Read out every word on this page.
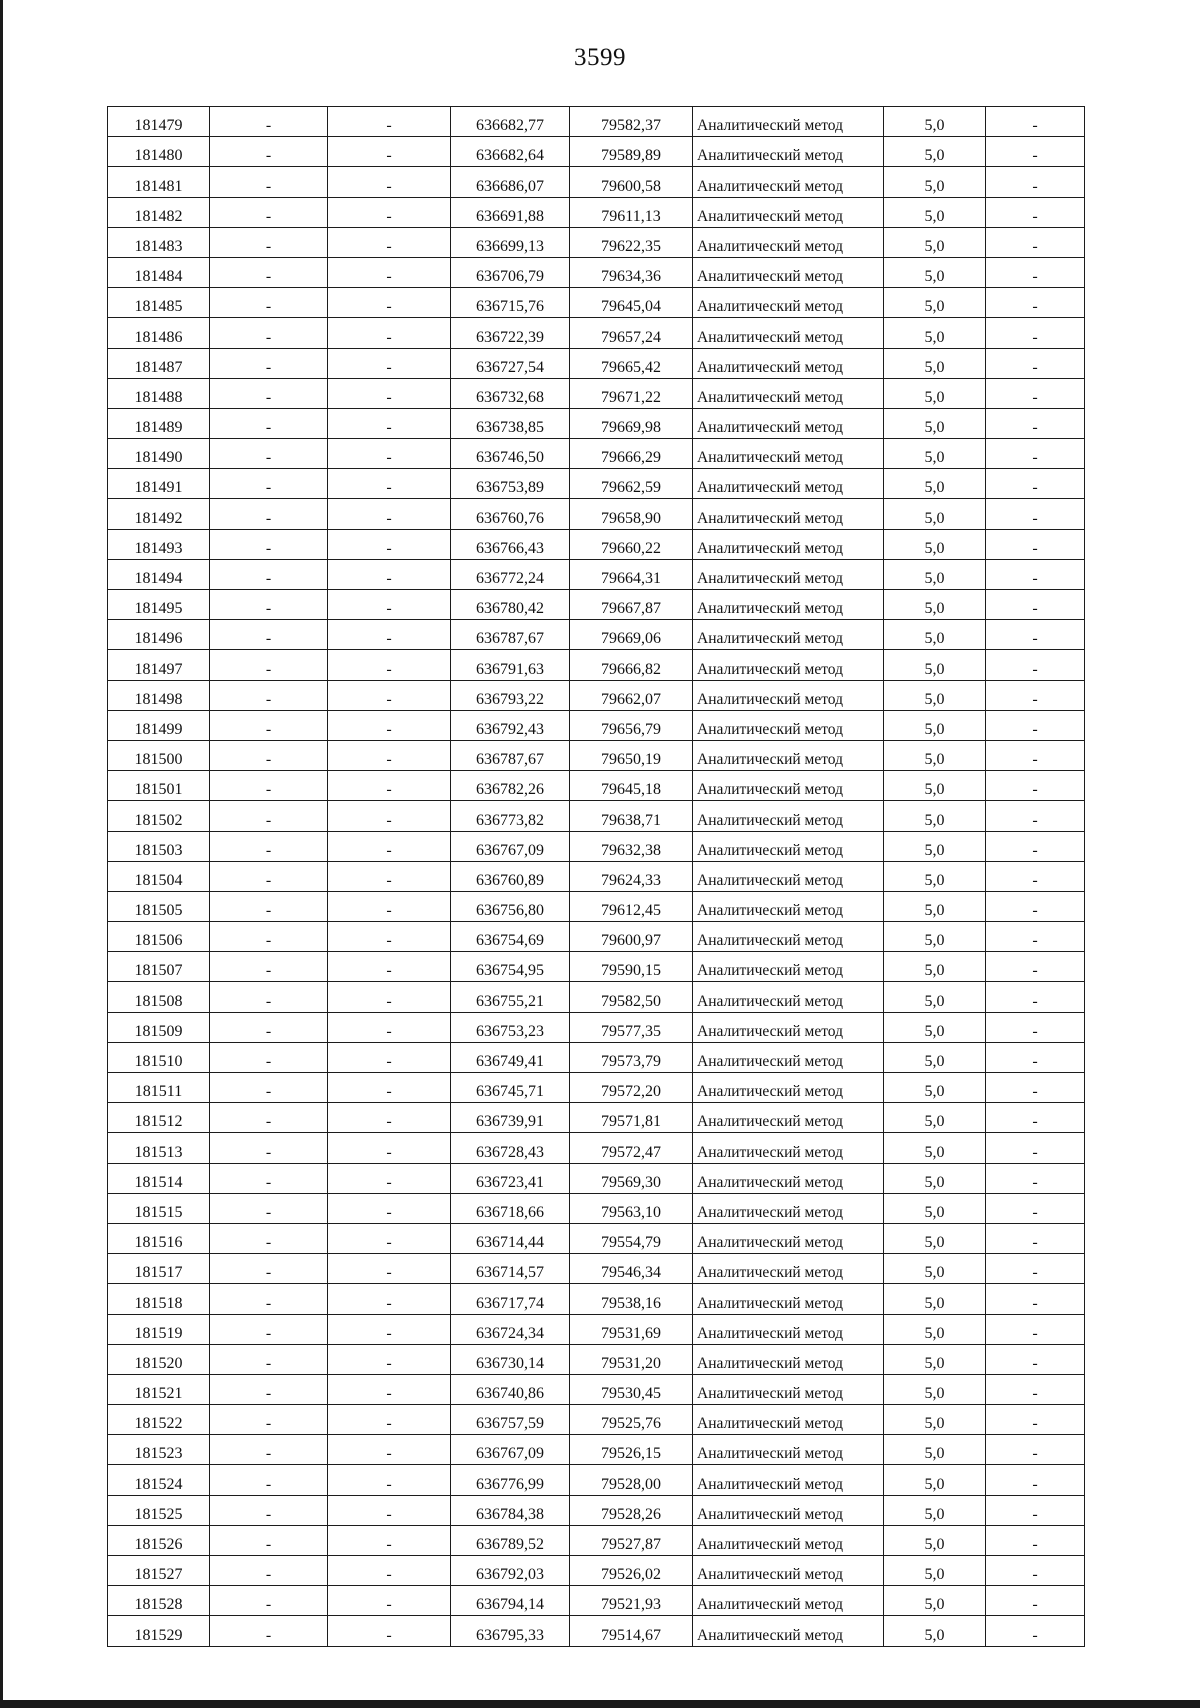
3599
181479	-	-	636682,77	79582,37	Аналитический метод	5,0	-
181480	-	-	636682,64	79589,89	Аналитический метод	5,0	-
181481	-	-	636686,07	79600,58	Аналитический метод	5,0	-
181482	-	-	636691,88	79611,13	Аналитический метод	5,0	-
181483	-	-	636699,13	79622,35	Аналитический метод	5,0	-
181484	-	-	636706,79	79634,36	Аналитический метод	5,0	-
181485	-	-	636715,76	79645,04	Аналитический метод	5,0	-
181486	-	-	636722,39	79657,24	Аналитический метод	5,0	-
181487	-	-	636727,54	79665,42	Аналитический метод	5,0	-
181488	-	-	636732,68	79671,22	Аналитический метод	5,0	-
181489	-	-	636738,85	79669,98	Аналитический метод	5,0	-
181490	-	-	636746,50	79666,29	Аналитический метод	5,0	-
181491	-	-	636753,89	79662,59	Аналитический метод	5,0	-
181492	-	-	636760,76	79658,90	Аналитический метод	5,0	-
181493	-	-	636766,43	79660,22	Аналитический метод	5,0	-
181494	-	-	636772,24	79664,31	Аналитический метод	5,0	-
181495	-	-	636780,42	79667,87	Аналитический метод	5,0	-
181496	-	-	636787,67	79669,06	Аналитический метод	5,0	-
181497	-	-	636791,63	79666,82	Аналитический метод	5,0	-
181498	-	-	636793,22	79662,07	Аналитический метод	5,0	-
181499	-	-	636792,43	79656,79	Аналитический метод	5,0	-
181500	-	-	636787,67	79650,19	Аналитический метод	5,0	-
181501	-	-	636782,26	79645,18	Аналитический метод	5,0	-
181502	-	-	636773,82	79638,71	Аналитический метод	5,0	-
181503	-	-	636767,09	79632,38	Аналитический метод	5,0	-
181504	-	-	636760,89	79624,33	Аналитический метод	5,0	-
181505	-	-	636756,80	79612,45	Аналитический метод	5,0	-
181506	-	-	636754,69	79600,97	Аналитический метод	5,0	-
181507	-	-	636754,95	79590,15	Аналитический метод	5,0	-
181508	-	-	636755,21	79582,50	Аналитический метод	5,0	-
181509	-	-	636753,23	79577,35	Аналитический метод	5,0	-
181510	-	-	636749,41	79573,79	Аналитический метод	5,0	-
181511	-	-	636745,71	79572,20	Аналитический метод	5,0	-
181512	-	-	636739,91	79571,81	Аналитический метод	5,0	-
181513	-	-	636728,43	79572,47	Аналитический метод	5,0	-
181514	-	-	636723,41	79569,30	Аналитический метод	5,0	-
181515	-	-	636718,66	79563,10	Аналитический метод	5,0	-
181516	-	-	636714,44	79554,79	Аналитический метод	5,0	-
181517	-	-	636714,57	79546,34	Аналитический метод	5,0	-
181518	-	-	636717,74	79538,16	Аналитический метод	5,0	-
181519	-	-	636724,34	79531,69	Аналитический метод	5,0	-
181520	-	-	636730,14	79531,20	Аналитический метод	5,0	-
181521	-	-	636740,86	79530,45	Аналитический метод	5,0	-
181522	-	-	636757,59	79525,76	Аналитический метод	5,0	-
181523	-	-	636767,09	79526,15	Аналитический метод	5,0	-
181524	-	-	636776,99	79528,00	Аналитический метод	5,0	-
181525	-	-	636784,38	79528,26	Аналитический метод	5,0	-
181526	-	-	636789,52	79527,87	Аналитический метод	5,0	-
181527	-	-	636792,03	79526,02	Аналитический метод	5,0	-
181528	-	-	636794,14	79521,93	Аналитический метод	5,0	-
181529	-	-	636795,33	79514,67	Аналитический метод	5,0	-
